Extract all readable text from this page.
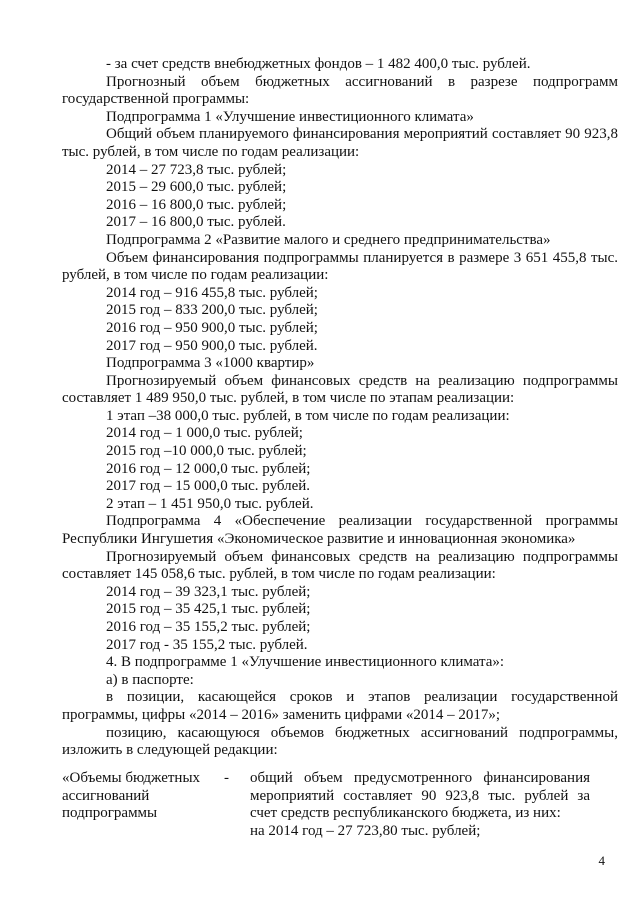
- за счет средств внебюджетных фондов – 1 482 400,0 тыс. рублей.

Прогнозный объем бюджетных ассигнований в разрезе подпрограмм государственной программы:

Подпрограмма 1 «Улучшение инвестиционного климата»

Общий объем планируемого финансирования мероприятий составляет 90 923,8 тыс. рублей, в том числе по годам реализации:

2014 – 27 723,8 тыс. рублей;

2015 – 29 600,0 тыс. рублей;

2016 – 16 800,0 тыс. рублей;

2017 – 16 800,0 тыс. рублей.

Подпрограмма 2 «Развитие малого и среднего предпринимательства»

Объем финансирования подпрограммы планируется в размере 3 651 455,8 тыс. рублей, в том числе по годам реализации:

2014 год – 916 455,8 тыс. рублей;

2015 год – 833 200,0 тыс. рублей;

2016 год – 950 900,0 тыс. рублей;

2017 год – 950 900,0 тыс. рублей.

Подпрограмма 3 «1000 квартир»

Прогнозируемый объем финансовых средств на реализацию подпрограммы составляет 1 489 950,0 тыс. рублей, в том числе по этапам реализации:

1 этап –38 000,0 тыс. рублей, в том числе по годам реализации:

2014 год – 1 000,0 тыс. рублей;

2015 год –10 000,0 тыс. рублей;

2016 год – 12 000,0 тыс. рублей;

2017 год – 15 000,0 тыс. рублей.

2 этап – 1 451 950,0 тыс. рублей.

Подпрограмма 4 «Обеспечение реализации государственной программы Республики Ингушетия «Экономическое развитие и инновационная экономика»

Прогнозируемый объем финансовых средств на реализацию подпрограммы составляет 145 058,6 тыс. рублей, в том числе по годам реализации:

2014 год – 39 323,1 тыс. рублей;

2015 год – 35 425,1 тыс. рублей;

2016 год – 35 155,2 тыс. рублей;

2017 год - 35 155,2 тыс. рублей.

4. В подпрограмме 1 «Улучшение инвестиционного климата»:

а) в паспорте:

в позиции, касающейся сроков и этапов реализации государственной программы, цифры «2014 – 2016» заменить цифрами «2014 – 2017»;

позицию, касающуюся объемов бюджетных ассигнований подпрограммы, изложить в следующей редакции:

«Объемы бюджетных
ассигнований
подпрограммы
- общий объем предусмотренного финансирования
мероприятий составляет 90 923,8 тыс. рублей за
счет средств республиканского бюджета, из них:
на 2014 год – 27 723,80 тыс. рублей;
4
